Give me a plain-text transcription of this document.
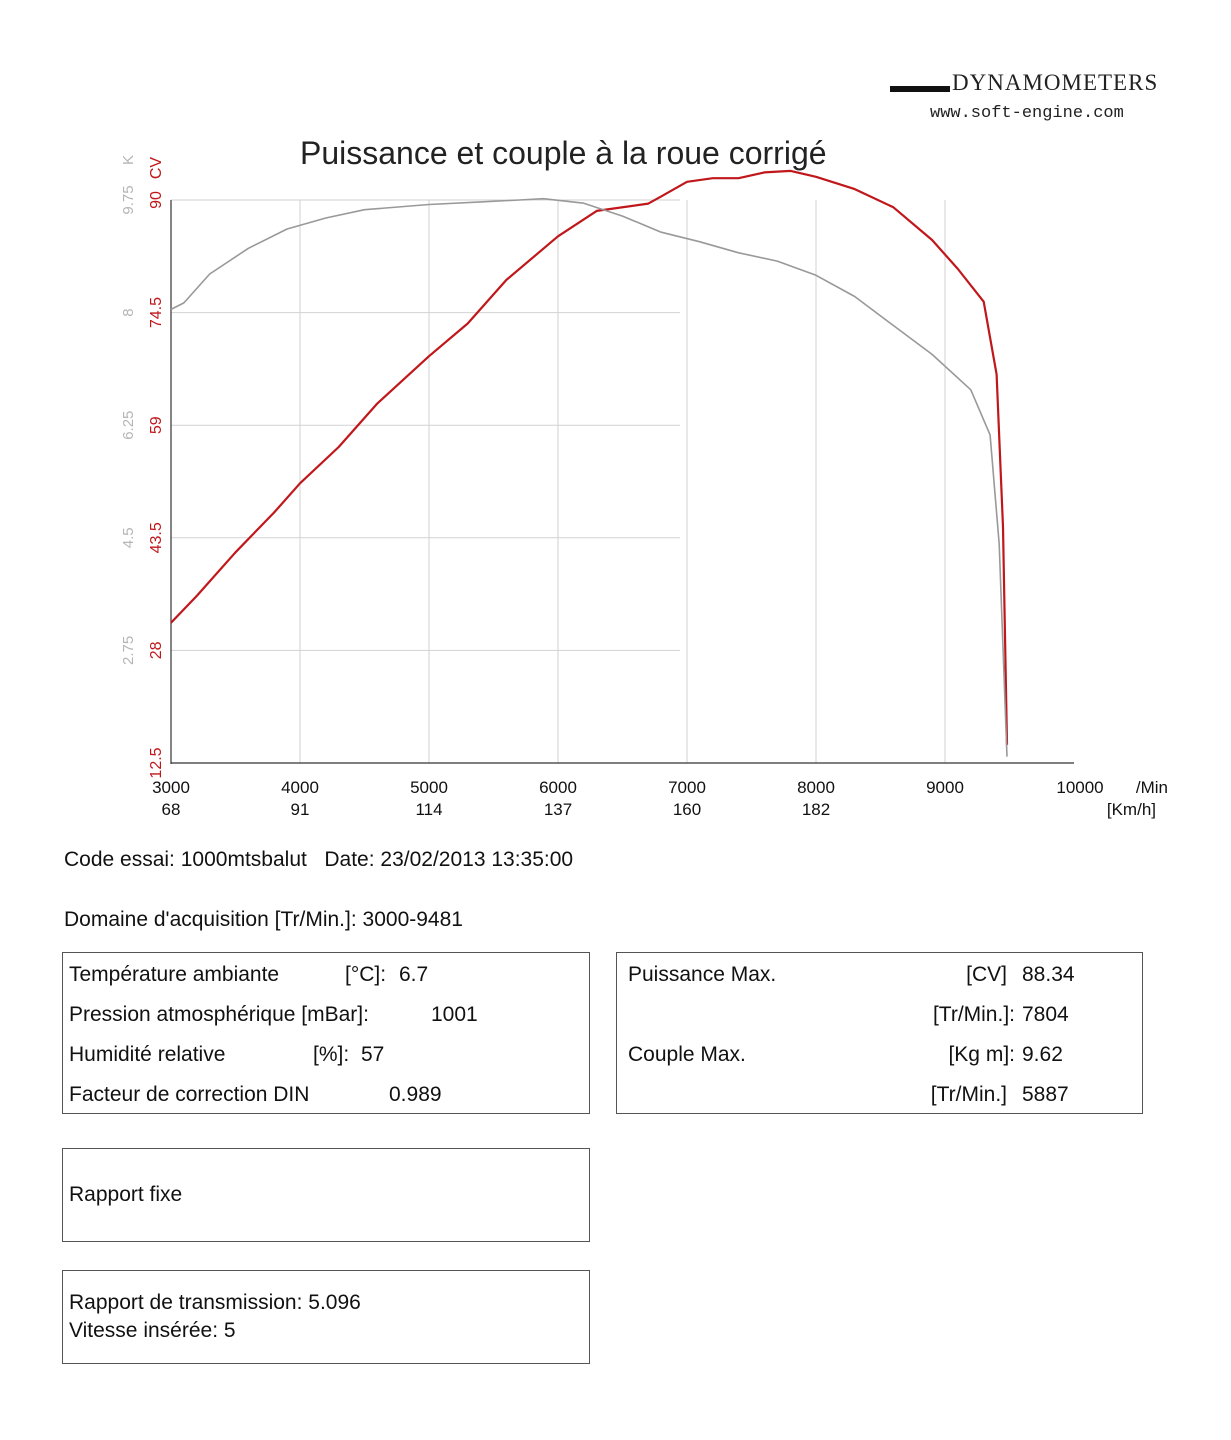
DYNAMOMETERS
www.soft-engine.com
Puissance et couple à la roue corrigé
3000
68
4000
91
5000
114
6000
137
7000
160
8000
182
9000	10000 /Min
[Km/h]
12.5
28
43.5
59
74.5
90
CV
2.75
4.5
6.25
8
9.75
K
Code essai: 1000mtsbalut Date: 23/02/2013 13:35:00
Domaine d'acquisition [Tr/Min.]: 3000-9481
Température ambiante	[°C]: 6.7
Pression atmosphérique [mBar]:	1001
Humidité relative	[%]: 57
Facteur de correction DIN	0.989
Puissance Max.	[CV] 88.34
[Tr/Min.]: 7804
Couple Max.	[Kg m]: 9.62
[Tr/Min.] 5887
Rapport fixe
Rapport de transmission: 5.096
Vitesse insérée: 5
